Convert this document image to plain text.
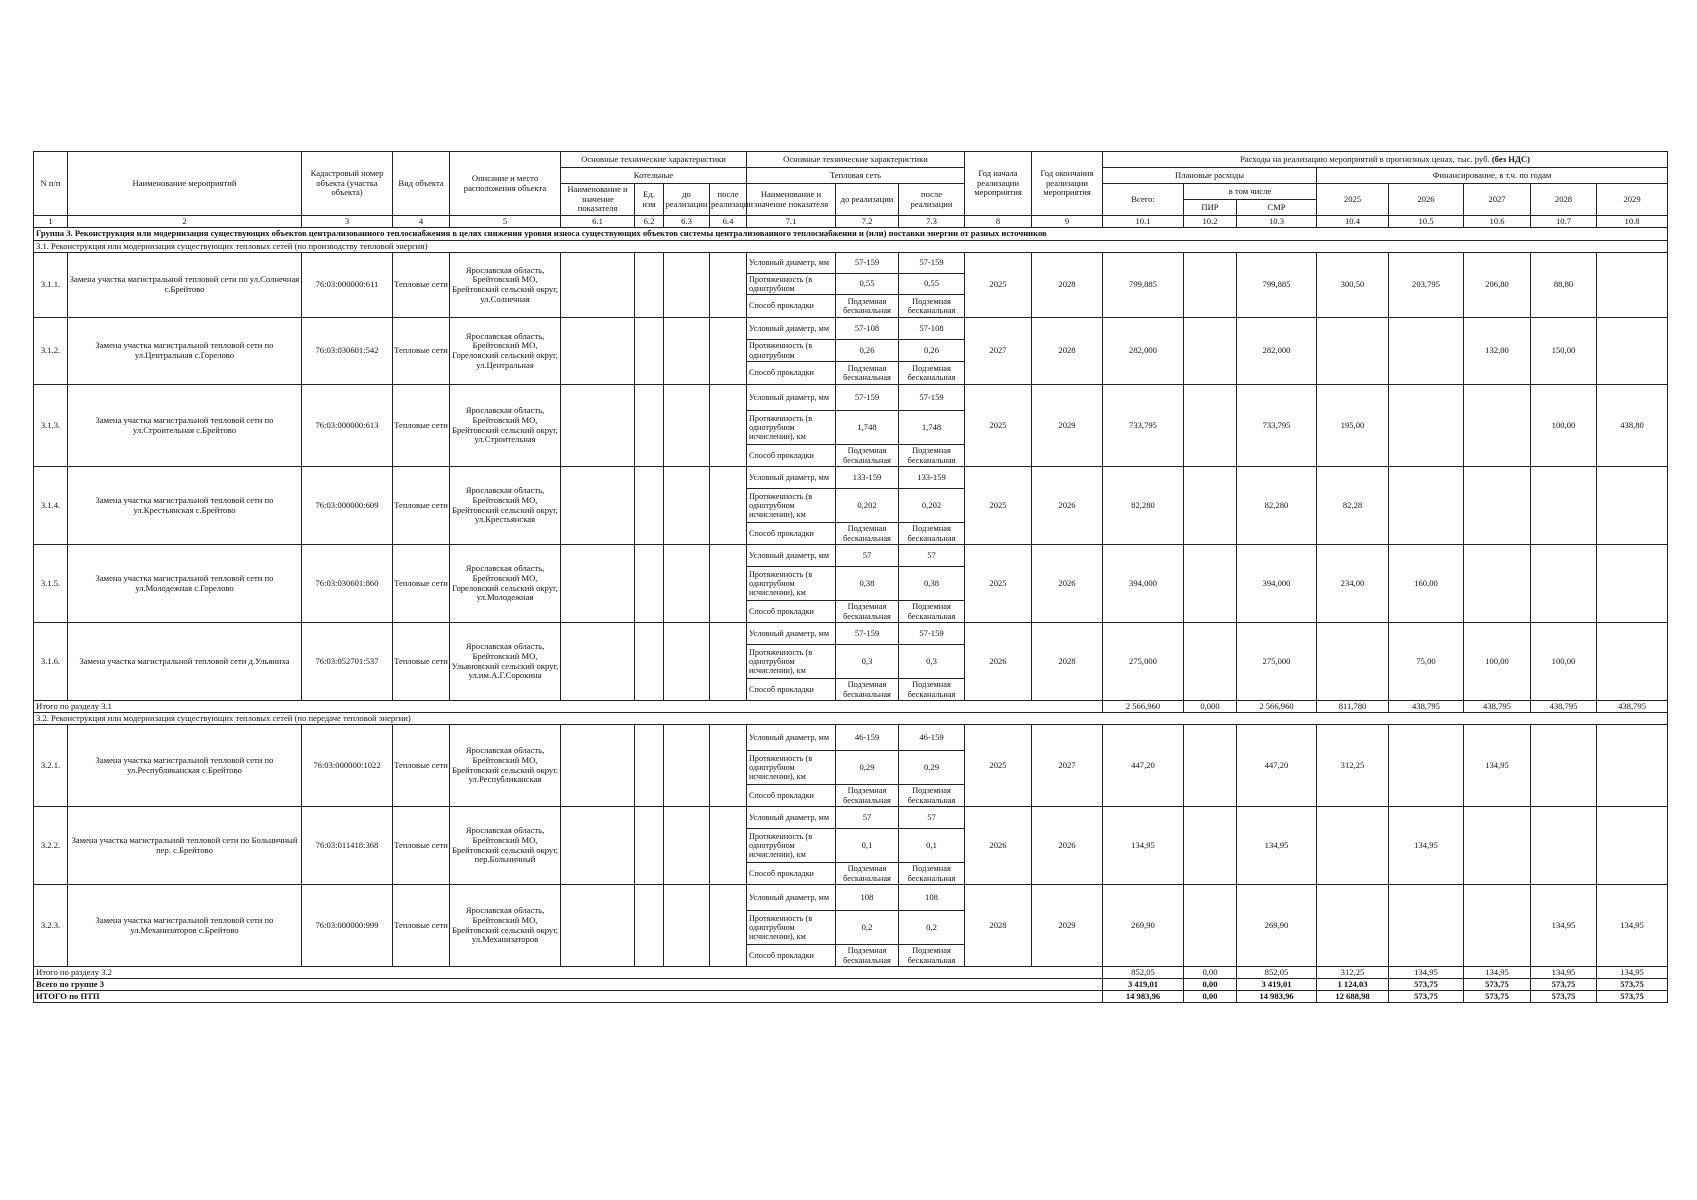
N п/п	Наименование мероприятий	Кадастровый номер объекта (участка объекта)	Вид объекта	Описание и место расположения объекта	Основные технические характеристики				Основные технические характеристики			Год начала реализации мероприятия	Год окончания реализации мероприятия	Расходы на реализацию мероприятий в прогнозных ценах, тыс. руб. (без НДС)							
					Котельные				Тепловая сеть					Плановые расходы			Финансирование, в т.ч. по годам				
					Наименование и значение показателя	Ед. изм	до реализации	после реализации	Наименование и значение показателя	до реализации	после реализации			Всего:	в том числе		2025	2026	2027	2028	2029
															ПИР	СМР					
1	2	3	4	5	6.1	6.2	6.3	6.4	7.1	7.2	7.3	8	9	10.1	10.2	10.3	10.4	10.5	10.6	10.7	10.8
Группа 3. Реконструкция или модернизация существующих объектов централизованного теплоснабжения в целях снижения уровня износа существующих объектов системы централизованного теплоснабжения и (или) поставки энергии от разных источников																					
3.1. Реконструкция или модернизация существующих тепловых сетей (по производству тепловой энергии)																					
3.1.1.	Замена участка магистральной тепловой сети по ул.Солнечная с.Брейтово	76:03:000000:611	Тепловые сети	Ярославская область, Брейтовский МО, Брейтовский сельский округ, ул.Солнечная					Условный диаметр, мм	57-159	57-159	2025	2028	799,885		799,885	300,50	203,795	206,80	88,80	
									Протяженность (в однотрубном	0,55	0,55										
									Способ прокладки	Подземная бесканальная	Подземная бесканальная										
3.1.2.	Замена участка магистральной тепловой сети по ул.Центральная с.Горелово	76:03:030601:542	Тепловые сети	Ярославская область, Брейтовский МО, Гореловский сельский округ, ул.Центральная					Условный диаметр, мм	57-108	57-108	2027	2028	282,000		282,000			132,00	150,00	
									Протяженность (в однотрубном	0,26	0,26										
									Способ прокладки	Подземная бесканальная	Подземная бесканальная										
3.1.3.	Замена участка магистральной тепловой сети по ул.Строительная с.Брейтово	76:03:000000:613	Тепловые сети	Ярославская область, Брейтовский МО, Брейтовский сельский округ, ул.Строительная					Условный диаметр, мм	57-159	57-159	2025	2029	733,795		733,795	195,00			100,00	438,80
									Протяженность (в однотрубном исчислении), км	1,748	1,748										
									Способ прокладки	Подземная бесканальная	Подземная бесканальная										
3.1.4.	Замена участка магистральной тепловой сети по ул.Крестьянская с.Брейтово	76:03:000000:609	Тепловые сети	Ярославская область, Брейтовский МО, Брейтовский сельский округ, ул.Крестьянская					Условный диаметр, мм	133-159	133-159	2025	2026	82,280		82,280	82,28				
									Протяженность (в однотрубном исчислении), км	0,202	0,202										
									Способ прокладки	Подземная бесканальная	Подземная бесканальная										
3.1.5.	Замена участка магистральной тепловой сети по ул.Молодежная с.Горелово	76:03:030601:860	Тепловые сети	Ярославская область, Брейтовский МО, Гореловский сельский округ, ул.Молодежная					Условный диаметр, мм	57	57	2025	2026	394,000		394,000	234,00	160,00			
									Протяженность (в однотрубном исчислении), км	0,38	0,38										
									Способ прокладки	Подземная бесканальная	Подземная бесканальная										
3.1.6.	Замена участка магистральной тепловой сети д.Ульяниха	76:03:052701:537	Тепловые сети	Ярославская область, Брейтовский МО, Ульяновский сельский округ, ул.им.А.Г.Сорокина					Условный диаметр, мм	57-159	57-159	2026	2028	275,000		275,000		75,00	100,00	100,00	
									Протяженность (в однотрубном исчислении), км	0,3	0,3										
									Способ прокладки	Подземная бесканальная	Подземная бесканальная										
Итого по разделу 3.1														2 566,960	0,000	2 566,960	811,780	438,795	438,795	438,795	438,795
3.2. Реконструкция или модернизация существующих тепловых сетей (по передаче тепловой энергии)																					
3.2.1.	Замена участка магистральной тепловой сети по ул.Республиканская с.Брейтово	76:03:000000:1022	Тепловые сети	Ярославская область, Брейтовский МО, Брейтовский сельский округ. ул.Республиканская					Условный диаметр, мм	46-159	46-159	2025	2027	447,20		447,20	312,25		134,95		
									Протяженность (в однотрубном исчислении), км	0,29	0,29										
									Способ прокладки	Подземная бесканальная	Подземная бесканальная										
3.2.2.	Замена участка магистральной тепловой сети по Больничный пер. с.Брейтово	76:03:011418:368	Тепловые сети	Ярославская область, Брейтовский МО, Брейтовский сельский округ, пер.Больничный					Условный диаметр, мм	57	57	2026	2026	134,95		134,95		134,95			
									Протяженность (в однотрубном исчислении), км	0,1	0,1										
									Способ прокладки	Подземная бесканальная	Подземная бесканальная										
3.2.3.	Замена участка магистральной тепловой сети по ул.Механизаторов с.Брейтово	76:03:000000:999	Тепловые сети	Ярославская область, Брейтовский МО, Брейтовский сельский округ, ул.Механизаторов					Условный диаметр, мм	108	108	2028	2029	269,90		269,90				134,95	134,95
									Протяженность (в однотрубном исчислении), км	0,2	0,2										
									Способ прокладки	Подземная бесканальная	Подземная бесканальная										
Итого по разделу 3.2														852,05	0,00	852,05	312,25	134,95	134,95	134,95	134,95
Всего по группе 3														3 419,01	0,00	3 419,01	1 124,03	573,75	573,75	573,75	573,75
ИТОГО по ПТП														14 983,96	0,00	14 983,96	12 688,98	573,75	573,75	573,75	573,75
